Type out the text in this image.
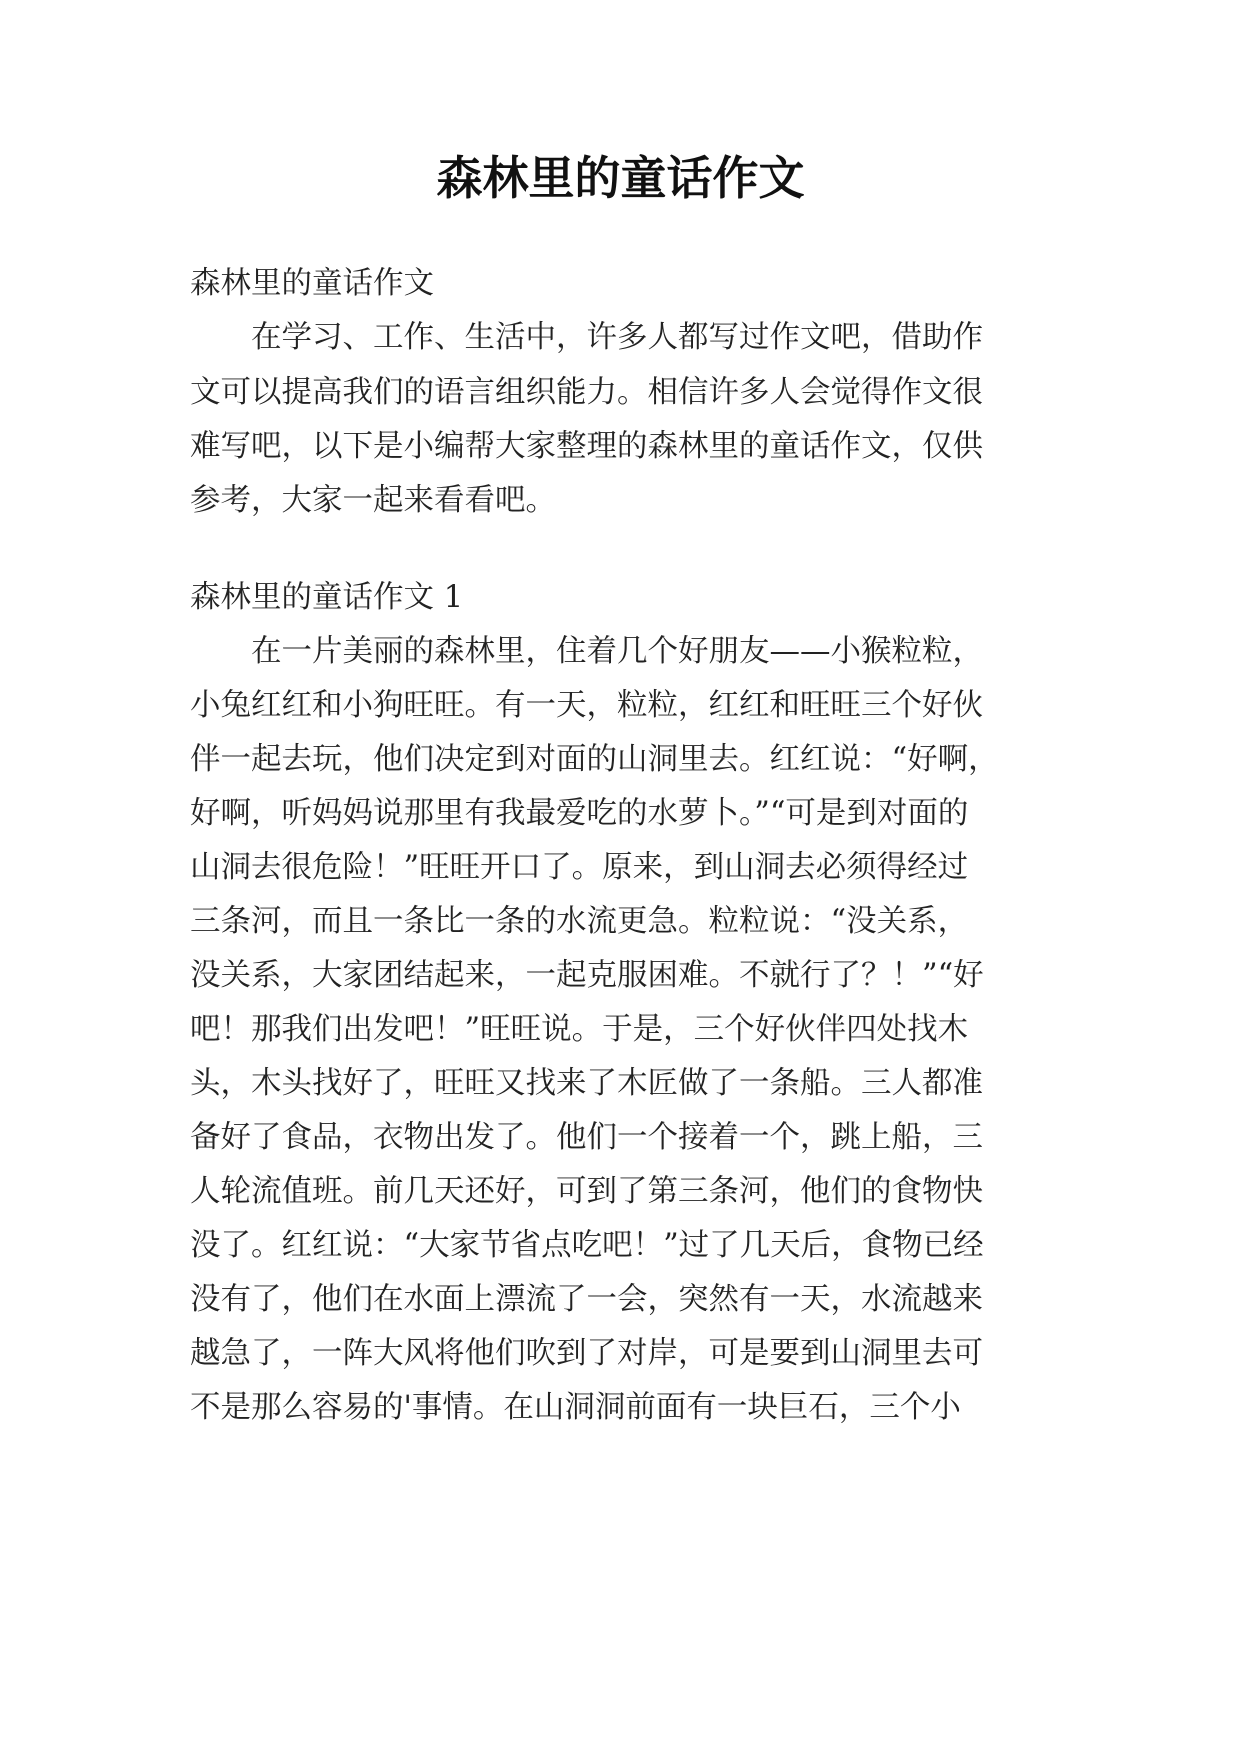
森林里的童话作文

森林里的童话作文

　　在学习、工作、生活中，许多人都写过作文吧，借助作

文可以提高我们的语言组织能力。相信许多人会觉得作文很

难写吧，以下是小编帮大家整理的森林里的童话作文，仅供

参考，大家一起来看看吧。

森林里的童话作文 1

　　在一片美丽的森林里，住着几个好朋友——小猴粒粒，

小兔红红和小狗旺旺。有一天，粒粒，红红和旺旺三个好伙

伴一起去玩，他们决定到对面的山洞里去。红红说：“好啊，

好啊，听妈妈说那里有我最爱吃的水萝卜。”“可是到对面的

山洞去很危险！”旺旺开口了。原来，到山洞去必须得经过

三条河，而且一条比一条的水流更急。粒粒说：“没关系，

没关系，大家团结起来，一起克服困难。不就行了？！”“好

吧！那我们出发吧！”旺旺说。于是，三个好伙伴四处找木

头，木头找好了，旺旺又找来了木匠做了一条船。三人都准

备好了食品，衣物出发了。他们一个接着一个，跳上船，三

人轮流值班。前几天还好，可到了第三条河，他们的食物快

没了。红红说：“大家节省点吃吧！”过了几天后，食物已经

没有了，他们在水面上漂流了一会，突然有一天，水流越来

越急了，一阵大风将他们吹到了对岸，可是要到山洞里去可

不是那么容易的'事情。在山洞洞前面有一块巨石，三个小
